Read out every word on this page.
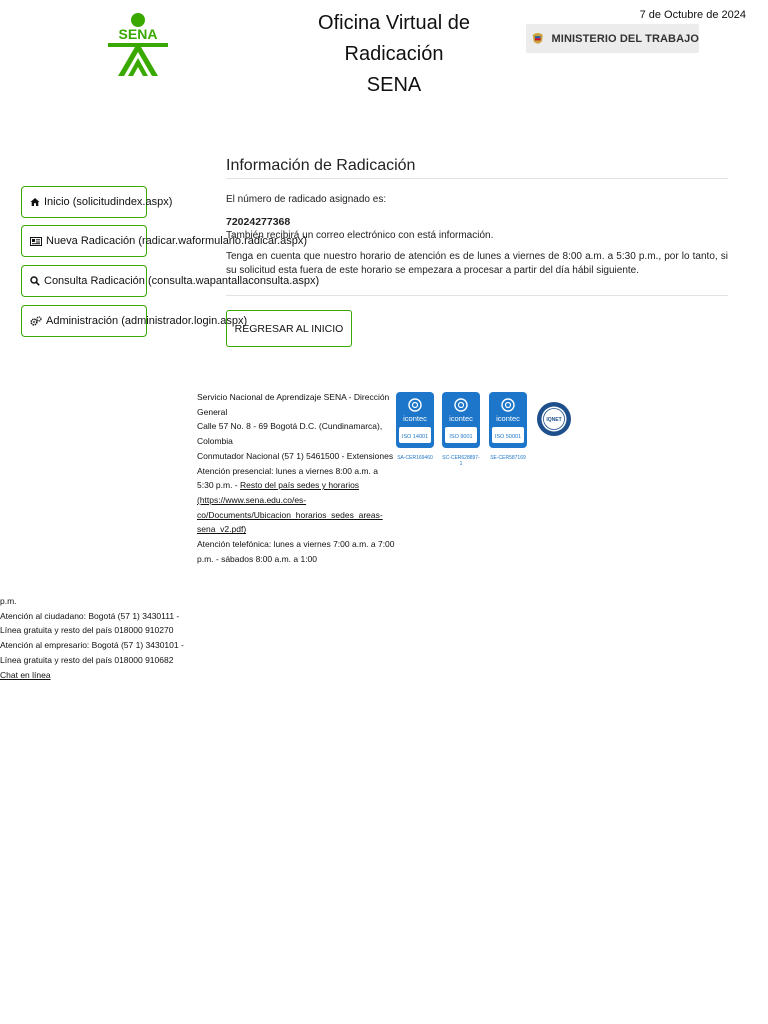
SENA	Oficina Virtual de
Radicación
SENA
7 de Octubre de 2024
MINISTERIO DEL TRABAJO
Inicio (solicitudindex.aspx)
Nueva Radicación (radicar.waformulario.radicar.aspx)
Consulta Radicación (consulta.wapantallaconsulta.aspx)
Administración (administrador.login.aspx)
Información de Radicación
El número de radicado asignado es:
72024277368
También recibirá un correo electrónico con está información.
Tenga en cuenta que nuestro horario de atención es de lunes a viernes de 8:00 a.m. a 5:30 p.m., por lo tanto, si su solicitud esta fuera de este horario se empezara a procesar a partir del día hábil siguiente.
REGRESAR AL INICIO
Servicio Nacional de Aprendizaje SENA - Dirección General
Calle 57 No. 8 - 69 Bogotá D.C. (Cundinamarca), Colombia
Conmutador Nacional (57 1) 5461500 - Extensiones
Atención presencial: lunes a viernes 8:00 a.m. a 5:30 p.m. - Resto del país sedes y horarios (https://www.sena.edu.co/es-co/Documents/Ubicacion_horarios_sedes_areas-sena_v2.pdf)
Atención telefónica: lunes a viernes 7:00 a.m. a 7:00 p.m. - sábados 8:00 a.m. a 1:00
p.m.
Atención al ciudadano: Bogotá (57 1) 3430111 - Línea gratuita y resto del país 018000 910270
Atención al empresario: Bogotá (57 1) 3430101 - Línea gratuita y resto del país 018000 910682
Chat en línea
icontec
ISO 14001
icontec
ISO 9001
icontec
ISO 50001
SA-CER169460	SC-CER628897-1
SE-CER587169
IQNET
